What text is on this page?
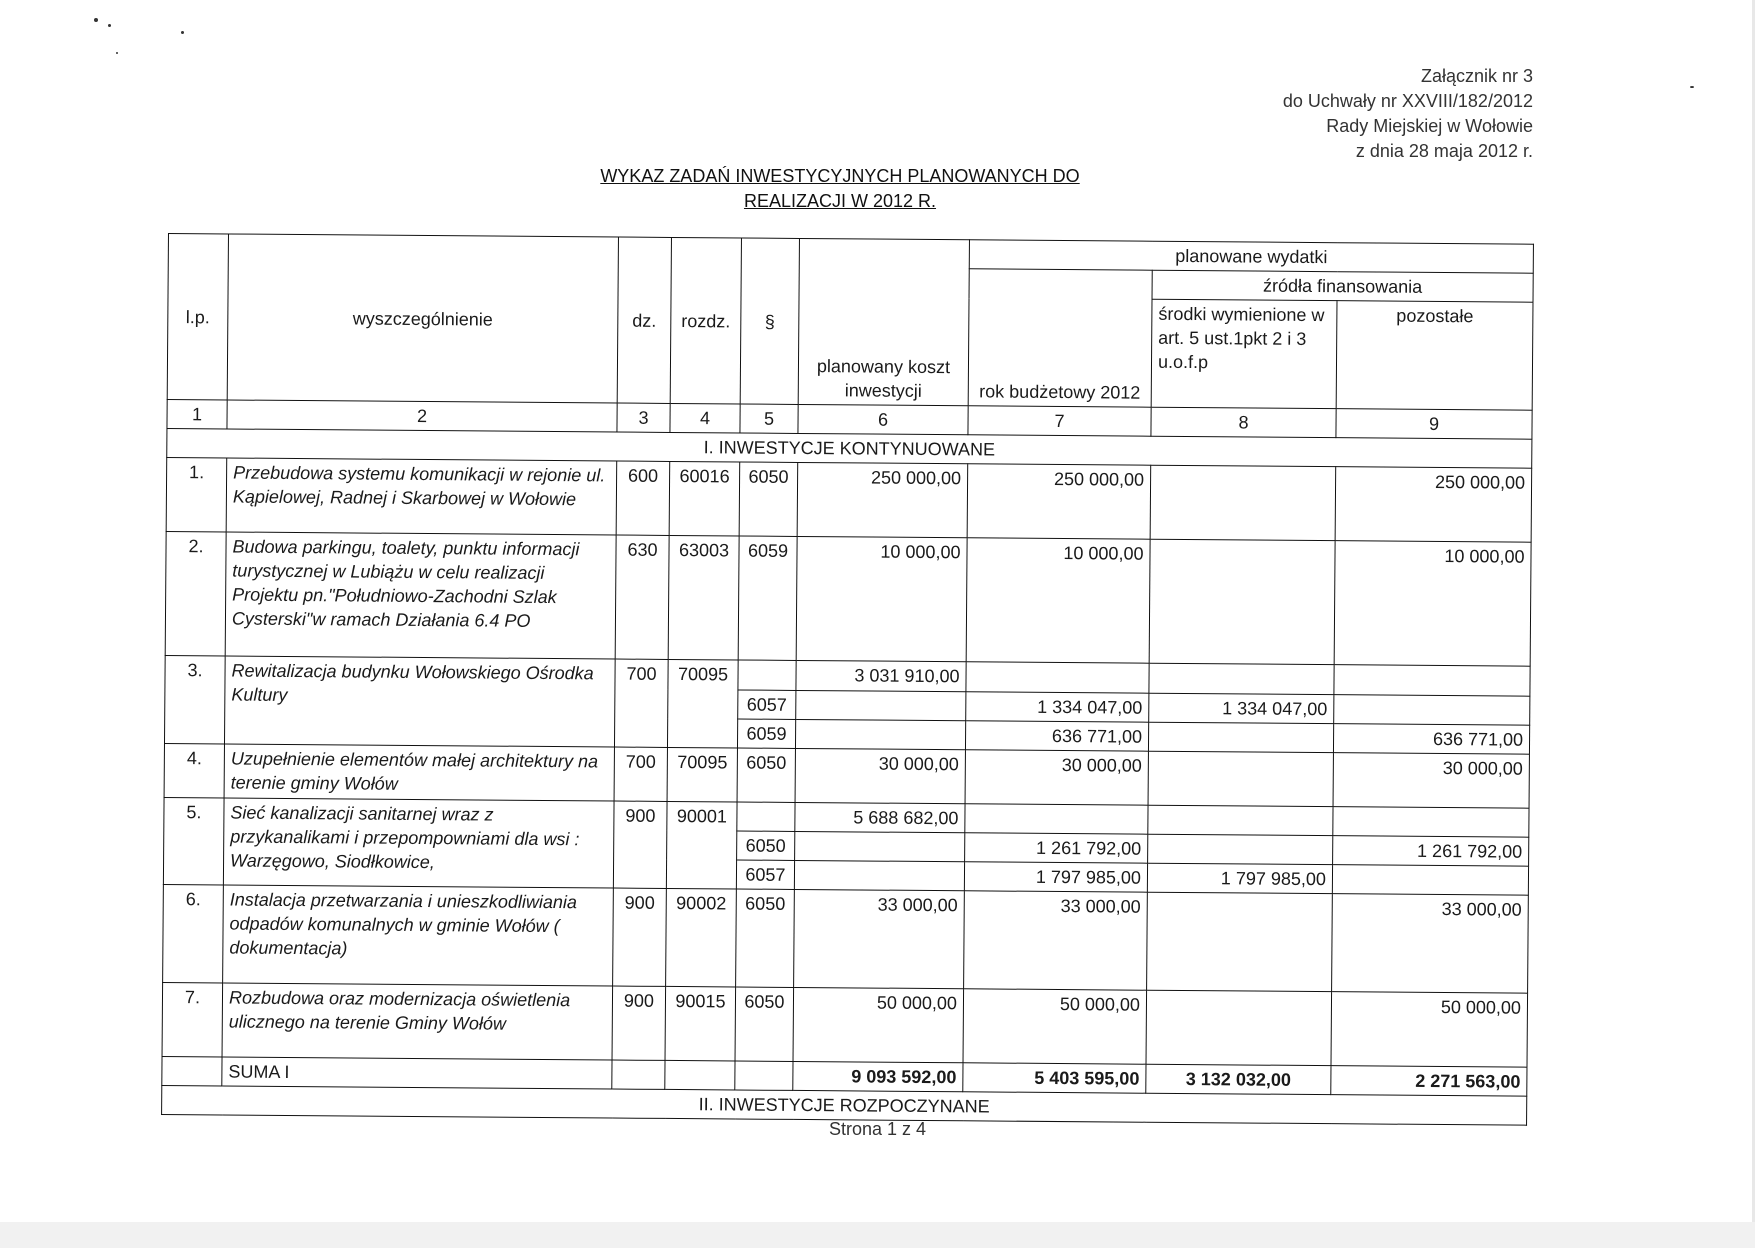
Załącznik nr 3
do Uchwały nr XXVIII/182/2012
Rady Miejskiej w Wołowie
z dnia 28 maja 2012 r.
WYKAZ ZADAŃ INWESTYCYJNYCH PLANOWANYCH DO
REALIZACJI W 2012 R.
l.p.	wyszczególnienie	dz.	rozdz.	§	planowany koszt inwestycji	planowane wydatki		
						rok budżetowy 2012	źródła finansowania	
							środki wymienione w art. 5 ust.1pkt 2 i 3 u.o.f.p	pozostałe
1	2	3	4	5	6	7	8	9
I. INWESTYCJE KONTYNUOWANE								
1.	Przebudowa systemu komunikacji w rejonie ul. Kąpielowej, Radnej i Skarbowej w Wołowie	600	60016	6050	250 000,00	250 000,00		250 000,00
2.	Budowa parkingu, toalety, punktu informacji turystycznej w Lubiążu w celu realizacji Projektu pn."Południowo-Zachodni Szlak Cysterski"w ramach Działania 6.4 PO	630	63003	6059	10 000,00	10 000,00		10 000,00
3.	Rewitalizacja budynku Wołowskiego Ośrodka Kultury	700	70095		3 031 910,00			
				6057		1 334 047,00	1 334 047,00	
				6059		636 771,00		636 771,00
4.	Uzupełnienie elementów małej architektury na terenie gminy Wołów	700	70095	6050	30 000,00	30 000,00		30 000,00
5.	Sieć kanalizacji sanitarnej wraz z przykanalikami i przepompowniami dla wsi : Warzęgowo, Siodłkowice,	900	90001		5 688 682,00			
				6050		1 261 792,00		1 261 792,00
				6057		1 797 985,00	1 797 985,00	
6.	Instalacja przetwarzania i unieszkodliwiania odpadów komunalnych w gminie Wołów ( dokumentacja)	900	90002	6050	33 000,00	33 000,00		33 000,00
7.	Rozbudowa oraz modernizacja oświetlenia ulicznego na terenie Gminy Wołów	900	90015	6050	50 000,00	50 000,00		50 000,00
	SUMA I				9 093 592,00	5 403 595,00	3 132 032,00	2 271 563,00
II. INWESTYCJE ROZPOCZYNANE								
Strona 1 z 4
